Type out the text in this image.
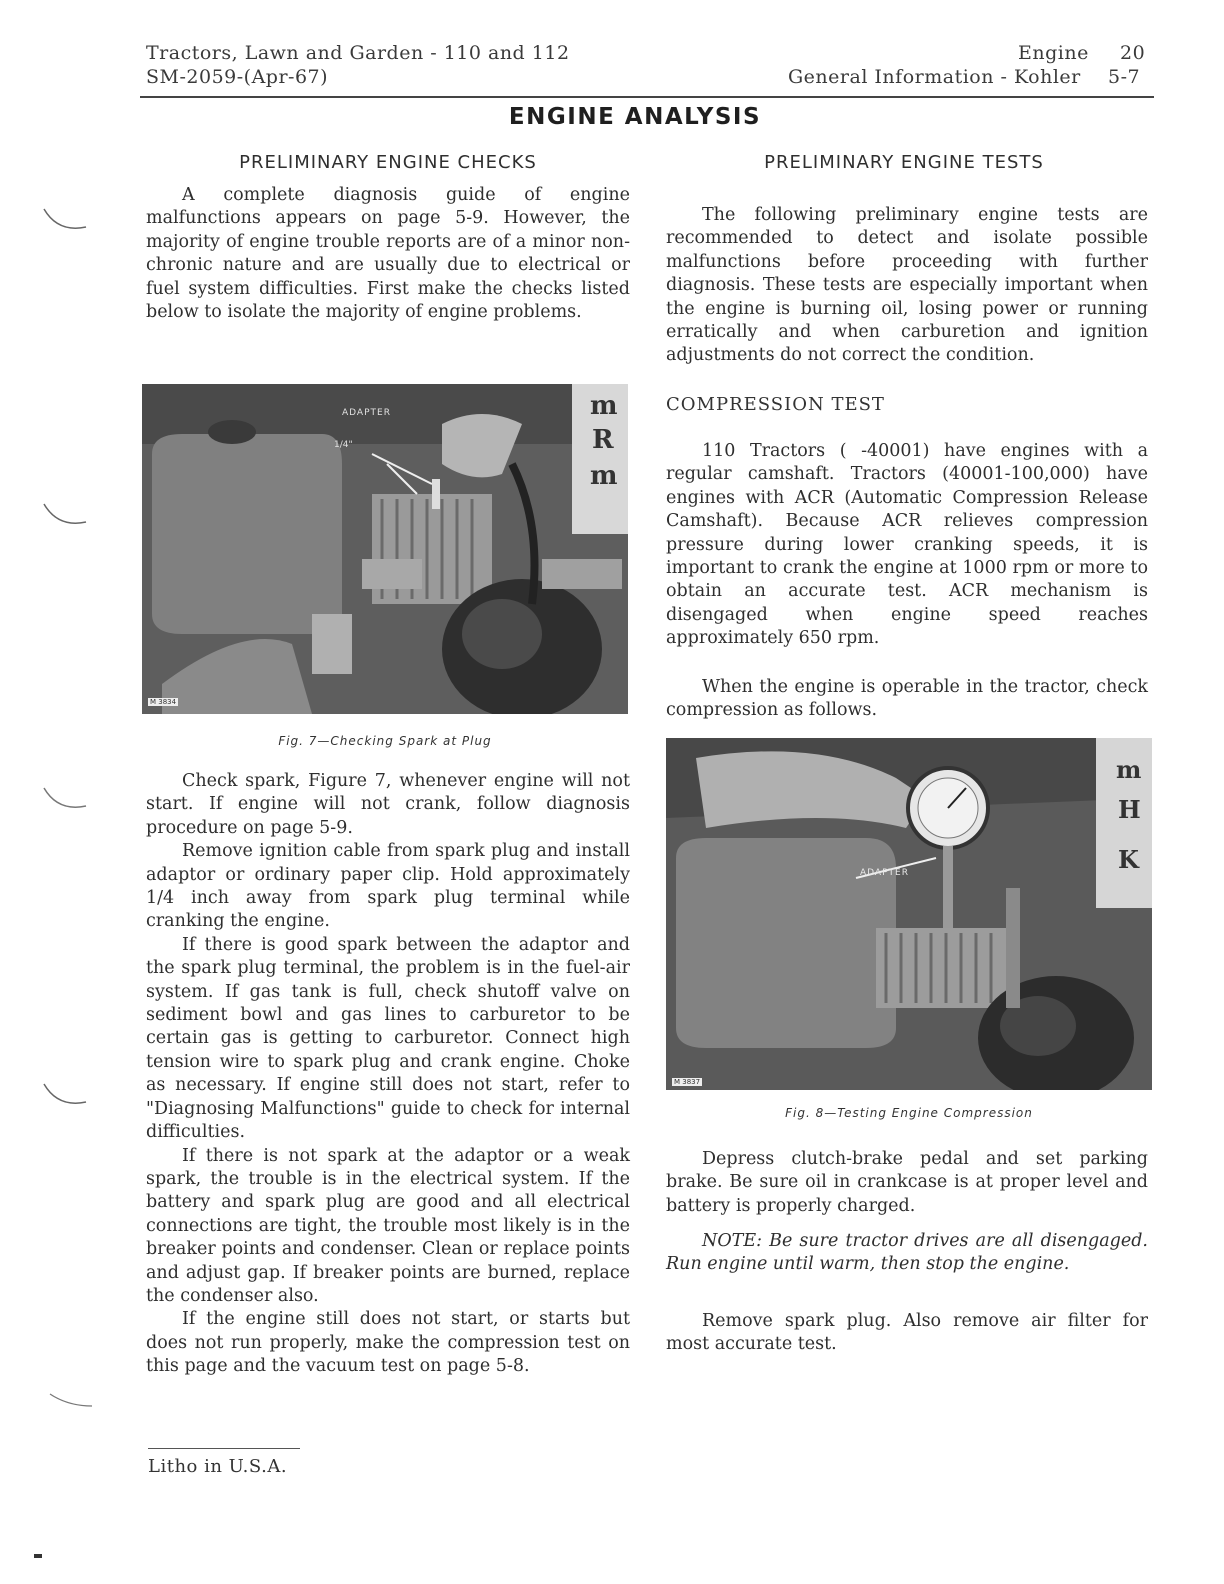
Tractors, Lawn and Garden - 110 and 112
SM-2059-(Apr-67)
Engine 20
General Information - Kohler 5-7
ENGINE ANALYSIS
PRELIMINARY ENGINE CHECKS

A complete diagnosis guide of engine malfunctions appears on page 5-9. However, the majority of engine trouble reports are of a minor non-chronic nature and are usually due to electrical or fuel system difficulties. First make the checks listed below to isolate the majority of engine problems.

m
R
m
ADAPTER
1/4"
M 3834
Fig. 7—Checking Spark at Plug

Check spark, Figure 7, whenever engine will not start. If engine will not crank, follow diagnosis procedure on page 5-9.

Remove ignition cable from spark plug and install adaptor or ordinary paper clip. Hold approximately 1/4 inch away from spark plug terminal while cranking the engine.

If there is good spark between the adaptor and the spark plug terminal, the problem is in the fuel-air system. If gas tank is full, check shutoff valve on sediment bowl and gas lines to carburetor to be certain gas is getting to carburetor. Connect high tension wire to spark plug and crank engine. Choke as necessary. If engine still does not start, refer to "Diagnosing Malfunctions" guide to check for internal difficulties.

If there is not spark at the adaptor or a weak spark, the trouble is in the electrical system. If the battery and spark plug are good and all electrical connections are tight, the trouble most likely is in the breaker points and condenser. Clean or replace points and adjust gap. If breaker points are burned, replace the condenser also.

If the engine still does not start, or starts but does not run properly, make the compression test on this page and the vacuum test on page 5-8.

PRELIMINARY ENGINE TESTS

The following preliminary engine tests are recommended to detect and isolate possible malfunctions before proceeding with further diagnosis. These tests are especially important when the engine is burning oil, losing power or running erratically and when carburetion and ignition adjustments do not correct the condition.

COMPRESSION TEST

110 Tractors ( -40001) have engines with a regular camshaft. Tractors (40001-100,000) have engines with ACR (Automatic Compression Release Camshaft). Because ACR relieves compression pressure during lower cranking speeds, it is important to crank the engine at 1000 rpm or more to obtain an accurate test. ACR mechanism is disengaged when engine speed reaches approximately 650 rpm.

When the engine is operable in the tractor, check compression as follows.

m
H
K
ADAPTER
M 3837
Fig. 8—Testing Engine Compression

Depress clutch-brake pedal and set parking brake. Be sure oil in crankcase is at proper level and battery is properly charged.

NOTE: Be sure tractor drives are all disengaged. Run engine until warm, then stop the engine.

Remove spark plug. Also remove air filter for most accurate test.

Litho in U.S.A.
